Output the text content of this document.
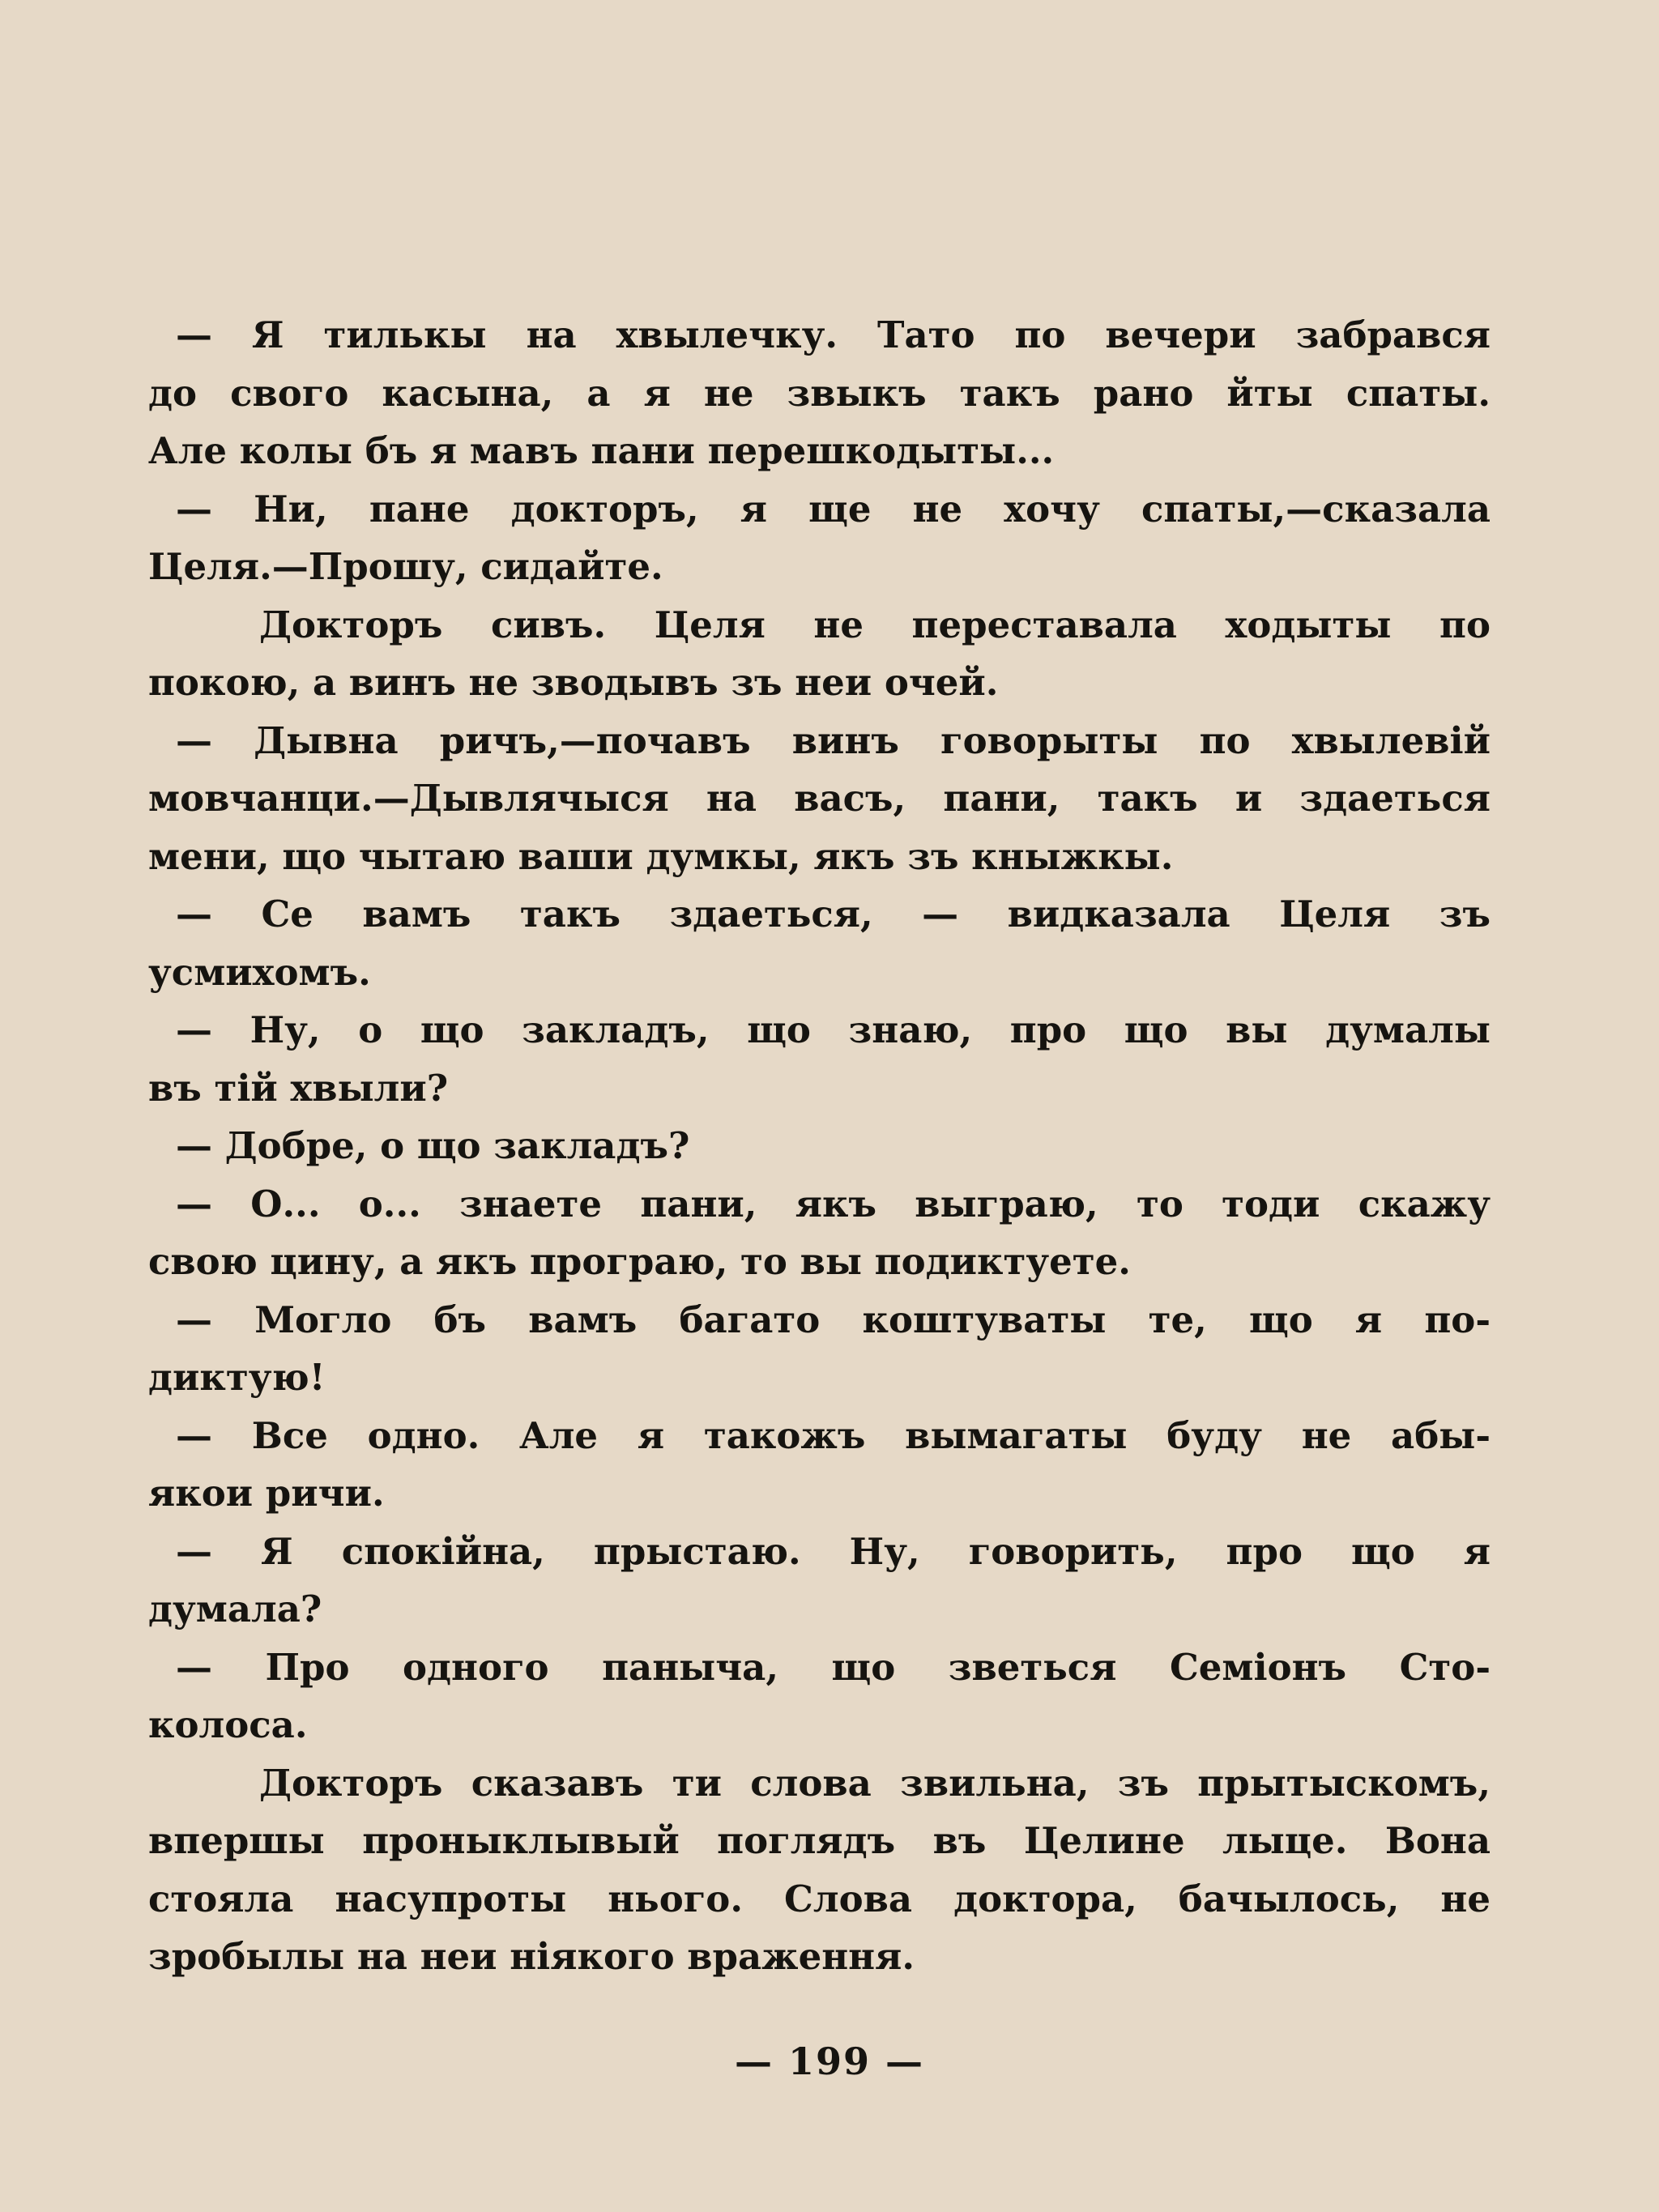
— Я тилькы на хвылечку. Тато по вечери забрався
до свого касына, а я не звыкъ такъ рано йты спаты.
Але колы бъ я мавъ пани перешкодыты...
— Ни, пане докторъ, я ще не хочу спаты,—сказала
Целя.—Прошу, сидайте.
Докторъ сивъ. Целя не переставала ходыты по
покою, а винъ не зводывъ зъ неи очей.
— Дывна ричъ,—почавъ винъ говорыты по хвылевій
мовчанци.—Дывлячыся на васъ, пани, такъ и здаеться
мени, що чытаю ваши думкы, якъ зъ кныжкы.
— Се вамъ такъ здаеться, — видказала Целя зъ
усмихомъ.
— Ну, о що закладъ, що знаю, про що вы думалы
въ тій хвыли?
— Добре, о що закладъ?
— О... о... знаете пани, якъ выграю, то тоди скажу
свою цину, а якъ програю, то вы подиктуете.
— Могло бъ вамъ багато коштуваты те, що я по-
диктую!
— Все одно. Але я такожъ вымагаты буду не абы-
якои ричи.
— Я спокійна, прыстаю. Ну, говорить, про що я
думала?
— Про одного паныча, що зветься Семіонъ Сто-
колоса.
Докторъ сказавъ ти слова звильна, зъ прытыскомъ,
впершы проныклывый поглядъ въ Целине лыце. Вона
стояла насупроты нього. Слова доктора, бачылось, не
зробылы на неи ніякого враження.
— 199 —
